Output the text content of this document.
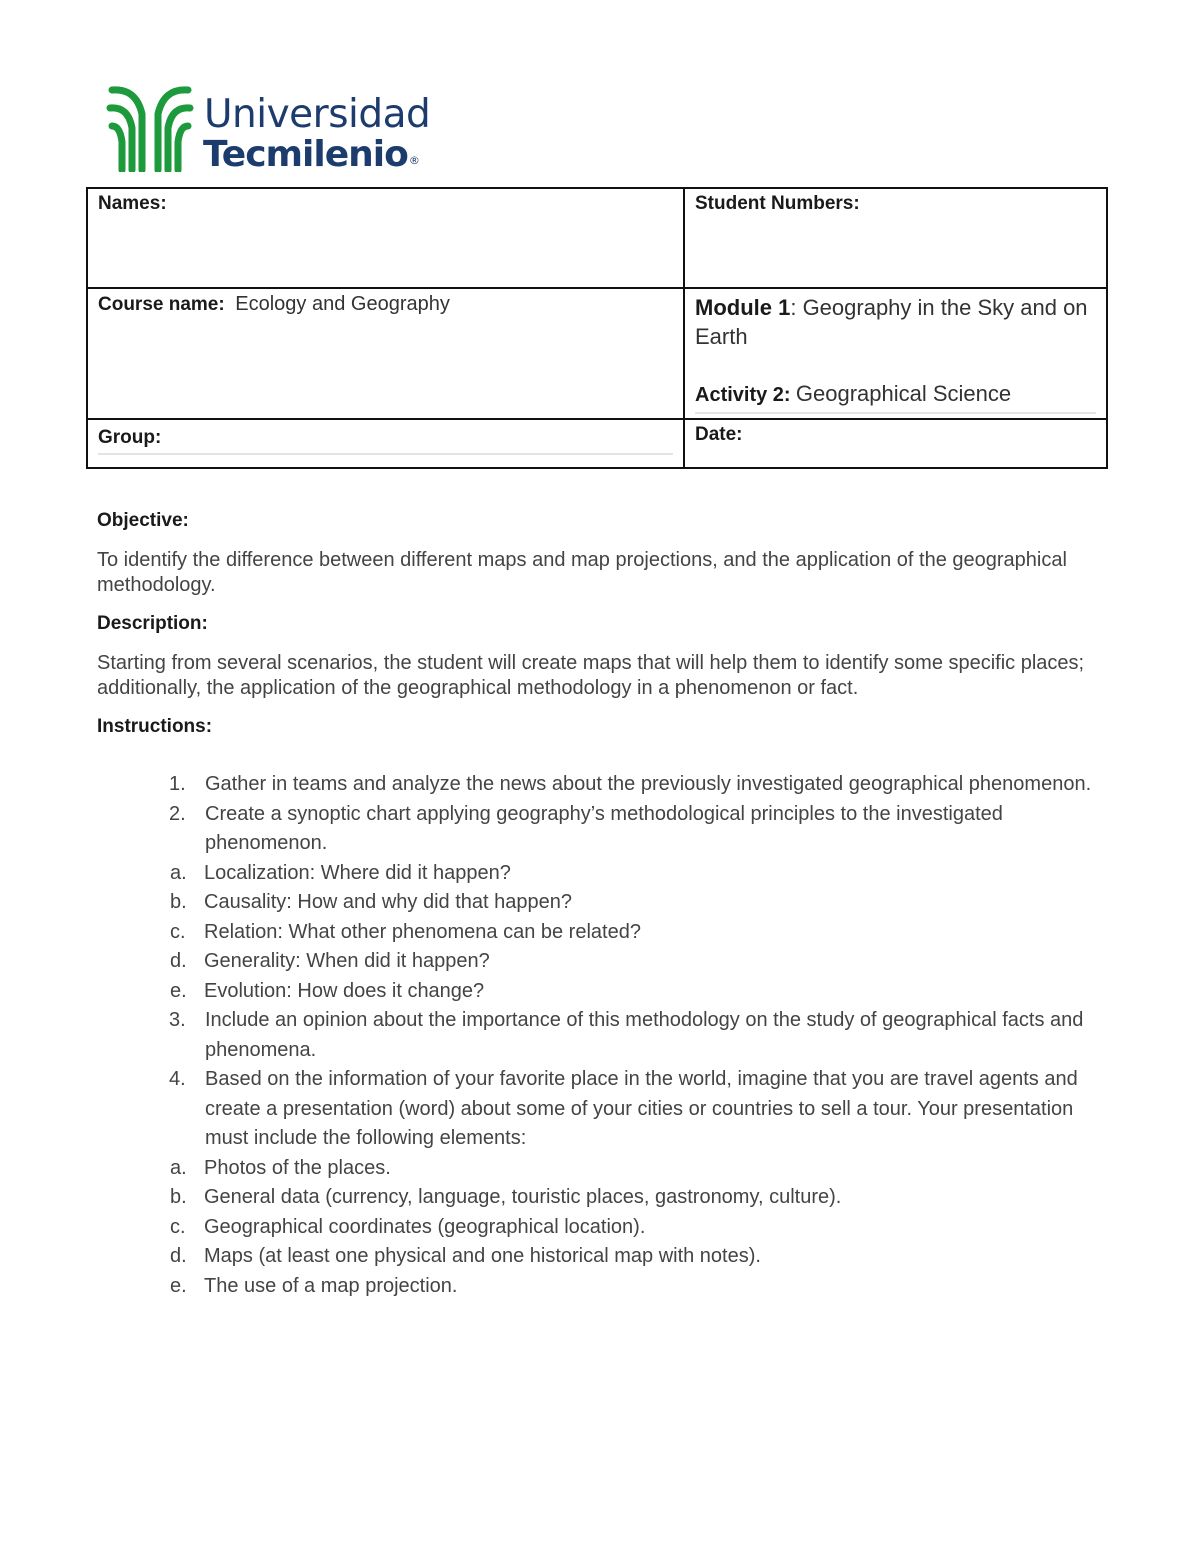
Universidad
Tecmilenio®
Names:	Student Numbers:
Course name: Ecology and Geography	Module 1: Geography in the Sky and on Earth
Activity 2: Geographical Science

Group:	Date:

Objective:

To identify the difference between different maps and map projections, and the application of the geographical methodology.

Description:

Starting from several scenarios, the student will create maps that will help them to identify some specific places; additionally, the application of the geographical methodology in a phenomenon or fact.

Instructions:

1. Gather in teams and analyze the news about the previously investigated geographical phenomenon.
2. Create a synoptic chart applying geography’s methodological principles to the investigated phenomenon.
a. Localization: Where did it happen?
b. Causality: How and why did that happen?
c. Relation: What other phenomena can be related?
d. Generality: When did it happen?
e. Evolution: How does it change?
3. Include an opinion about the importance of this methodology on the study of geographical facts and phenomena.
4. Based on the information of your favorite place in the world, imagine that you are travel agents and create a presentation (word) about some of your cities or countries to sell a tour. Your presentation must include the following elements:
a. Photos of the places.
b. General data (currency, language, touristic places, gastronomy, culture).
c. Geographical coordinates (geographical location).
d. Maps (at least one physical and one historical map with notes).
e. The use of a map projection.
